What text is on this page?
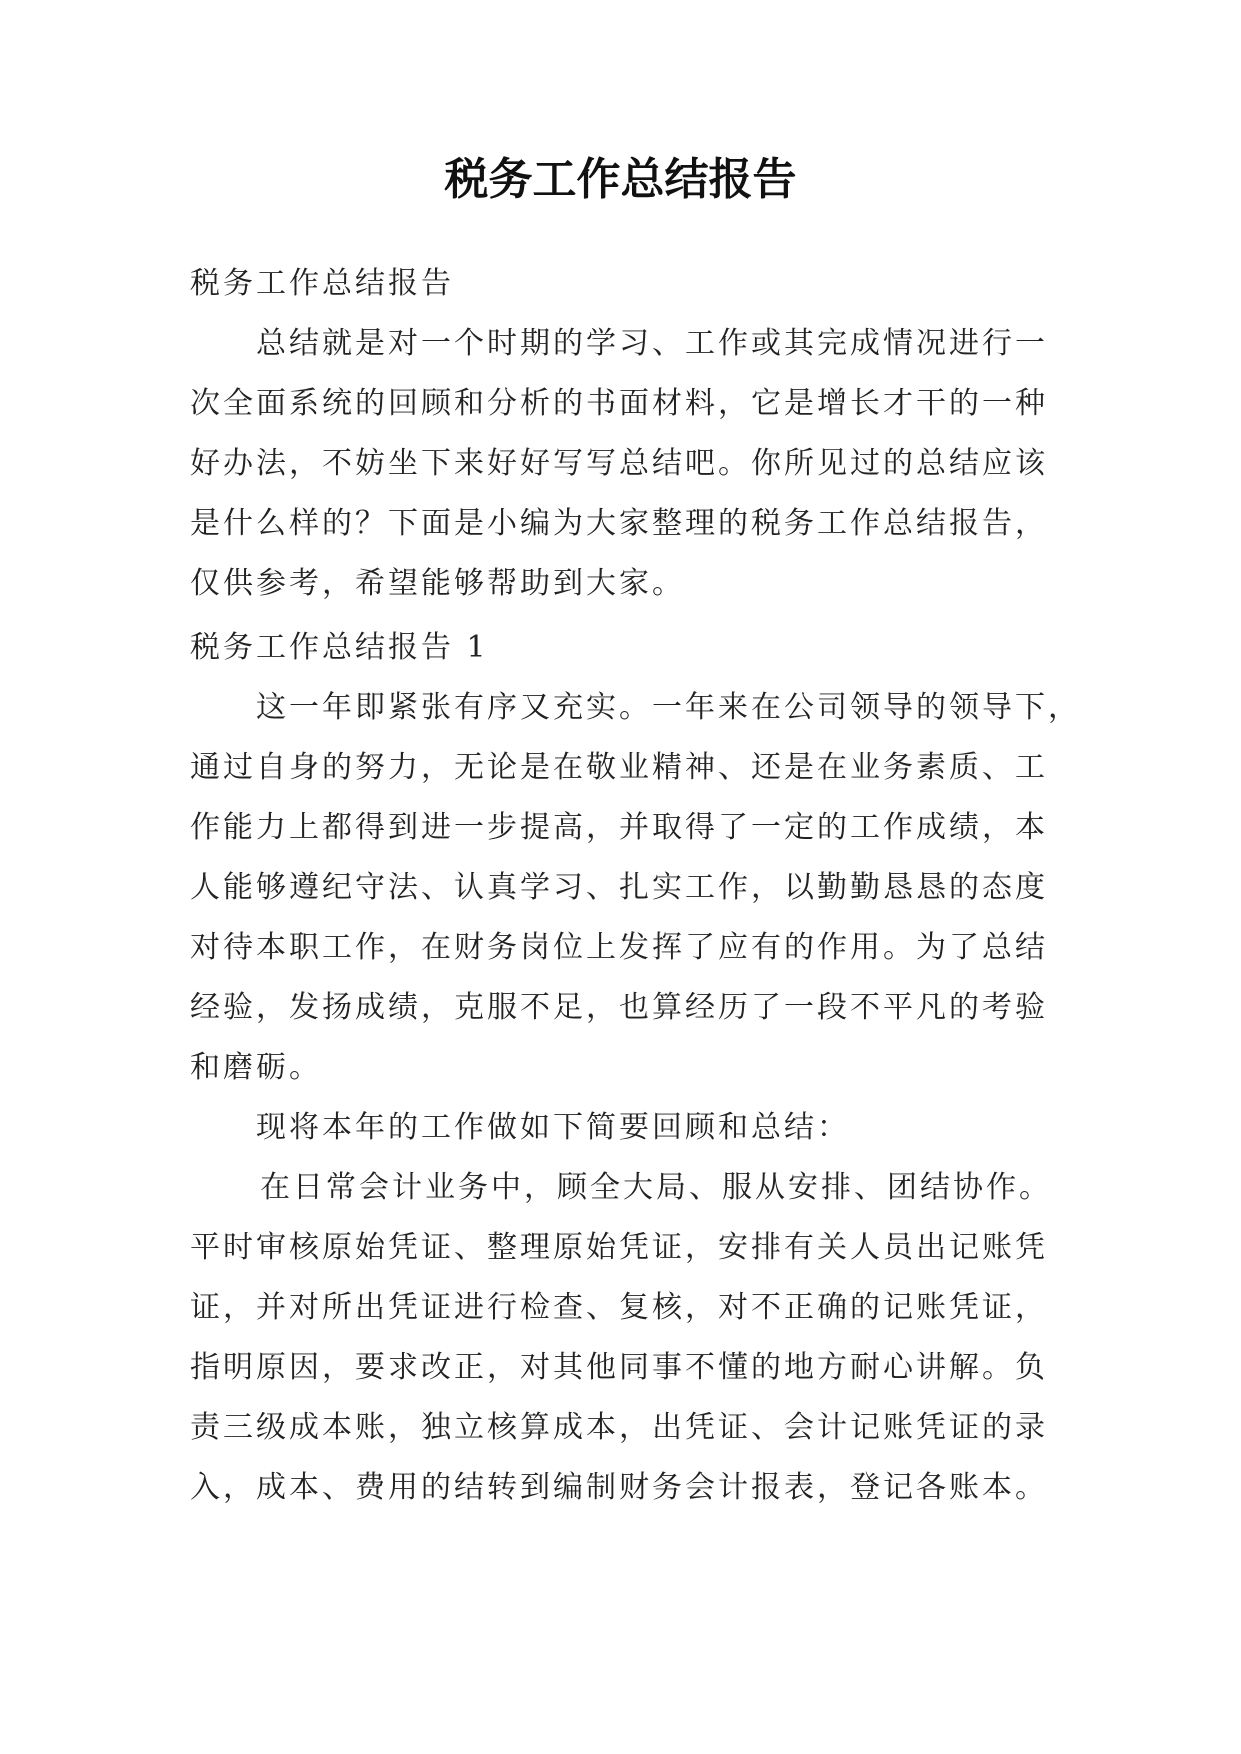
税务工作总结报告
税务工作总结报告
总结就是对一个时期的学习、工作或其完成情况进行一
次全面系统的回顾和分析的书面材料，它是增长才干的一种
好办法，不妨坐下来好好写写总结吧。你所见过的总结应该
是什么样的？下面是小编为大家整理的税务工作总结报告，
仅供参考，希望能够帮助到大家。
税务工作总结报告 1
这一年即紧张有序又充实。一年来在公司领导的领导下，
通过自身的努力，无论是在敬业精神、还是在业务素质、工
作能力上都得到进一步提高，并取得了一定的工作成绩，本
人能够遵纪守法、认真学习、扎实工作，以勤勤恳恳的态度
对待本职工作，在财务岗位上发挥了应有的作用。为了总结
经验，发扬成绩，克服不足，也算经历了一段不平凡的考验
和磨砺。
现将本年的工作做如下简要回顾和总结：
在日常会计业务中，顾全大局、服从安排、团结协作。
平时审核原始凭证、整理原始凭证，安排有关人员出记账凭
证，并对所出凭证进行检查、复核，对不正确的记账凭证，
指明原因，要求改正，对其他同事不懂的地方耐心讲解。负
责三级成本账，独立核算成本，出凭证、会计记账凭证的录
入，成本、费用的结转到编制财务会计报表，登记各账本。
